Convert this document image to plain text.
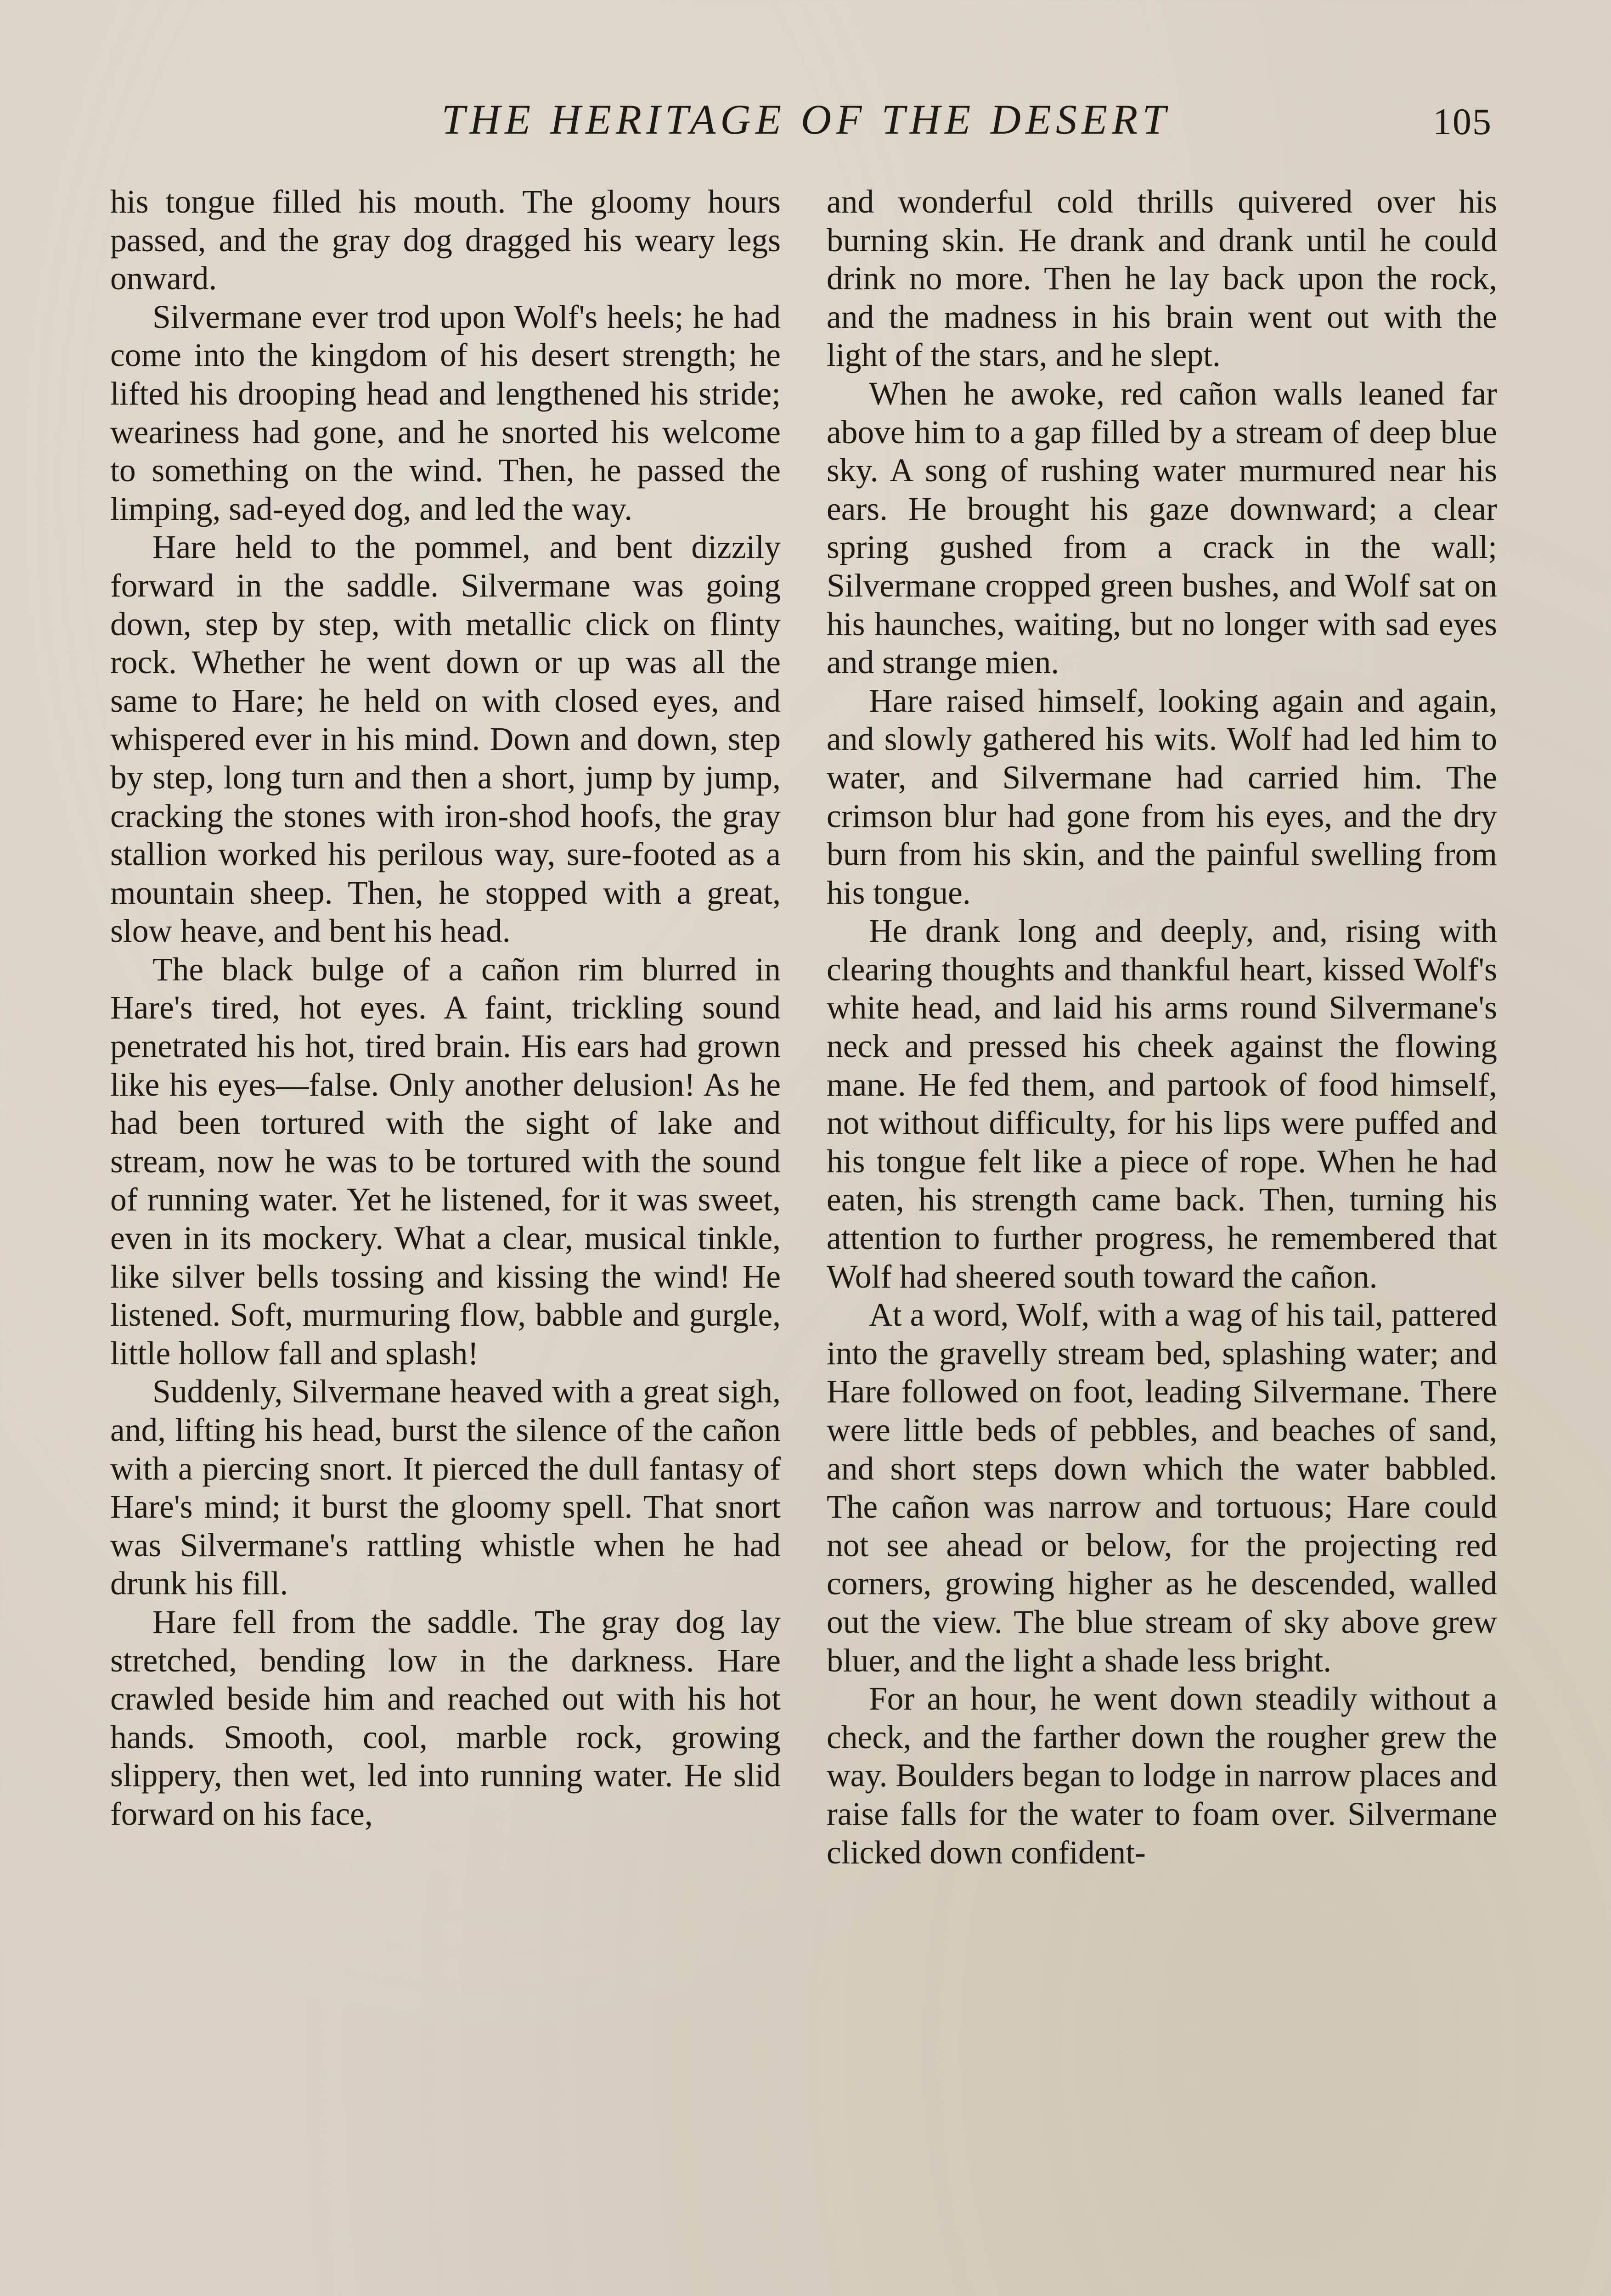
THE HERITAGE OF THE DESERT	105

his tongue filled his mouth. The gloomy hours passed, and the gray dog dragged his weary legs onward.

Silvermane ever trod upon Wolf's heels; he had come into the kingdom of his desert strength; he lifted his drooping head and lengthened his stride; weariness had gone, and he snorted his welcome to something on the wind. Then, he passed the limping, sad-eyed dog, and led the way.

Hare held to the pommel, and bent dizzily forward in the saddle. Silvermane was going down, step by step, with metallic click on flinty rock. Whether he went down or up was all the same to Hare; he held on with closed eyes, and whispered ever in his mind. Down and down, step by step, long turn and then a short, jump by jump, cracking the stones with iron-shod hoofs, the gray stallion worked his perilous way, sure-footed as a mountain sheep. Then, he stopped with a great, slow heave, and bent his head.

The black bulge of a cañon rim blurred in Hare's tired, hot eyes. A faint, trickling sound penetrated his hot, tired brain. His ears had grown like his eyes—false. Only another delusion! As he had been tortured with the sight of lake and stream, now he was to be tortured with the sound of running water. Yet he listened, for it was sweet, even in its mockery. What a clear, musical tinkle, like silver bells tossing and kissing the wind! He listened. Soft, murmuring flow, babble and gurgle, little hollow fall and splash!

Suddenly, Silvermane heaved with a great sigh, and, lifting his head, burst the silence of the cañon with a piercing snort. It pierced the dull fantasy of Hare's mind; it burst the gloomy spell. That snort was Silvermane's rattling whistle when he had drunk his fill.

Hare fell from the saddle. The gray dog lay stretched, bending low in the darkness. Hare crawled beside him and reached out with his hot hands. Smooth, cool, marble rock, growing slippery, then wet, led into running water. He slid forward on his face,

and wonderful cold thrills quivered over his burning skin. He drank and drank until he could drink no more. Then he lay back upon the rock, and the madness in his brain went out with the light of the stars, and he slept.

When he awoke, red cañon walls leaned far above him to a gap filled by a stream of deep blue sky. A song of rushing water murmured near his ears. He brought his gaze downward; a clear spring gushed from a crack in the wall; Silvermane cropped green bushes, and Wolf sat on his haunches, waiting, but no longer with sad eyes and strange mien.

Hare raised himself, looking again and again, and slowly gathered his wits. Wolf had led him to water, and Silvermane had carried him. The crimson blur had gone from his eyes, and the dry burn from his skin, and the painful swelling from his tongue.

He drank long and deeply, and, rising with clearing thoughts and thankful heart, kissed Wolf's white head, and laid his arms round Silvermane's neck and pressed his cheek against the flowing mane. He fed them, and partook of food himself, not without difficulty, for his lips were puffed and his tongue felt like a piece of rope. When he had eaten, his strength came back. Then, turning his attention to further progress, he remembered that Wolf had sheered south toward the cañon.

At a word, Wolf, with a wag of his tail, pattered into the gravelly stream bed, splashing water; and Hare followed on foot, leading Silvermane. There were little beds of pebbles, and beaches of sand, and short steps down which the water babbled. The cañon was narrow and tortuous; Hare could not see ahead or below, for the projecting red corners, growing higher as he descended, walled out the view. The blue stream of sky above grew bluer, and the light a shade less bright.

For an hour, he went down steadily without a check, and the farther down the rougher grew the way. Boulders began to lodge in narrow places and raise falls for the water to foam over. Silvermane clicked down confident-
